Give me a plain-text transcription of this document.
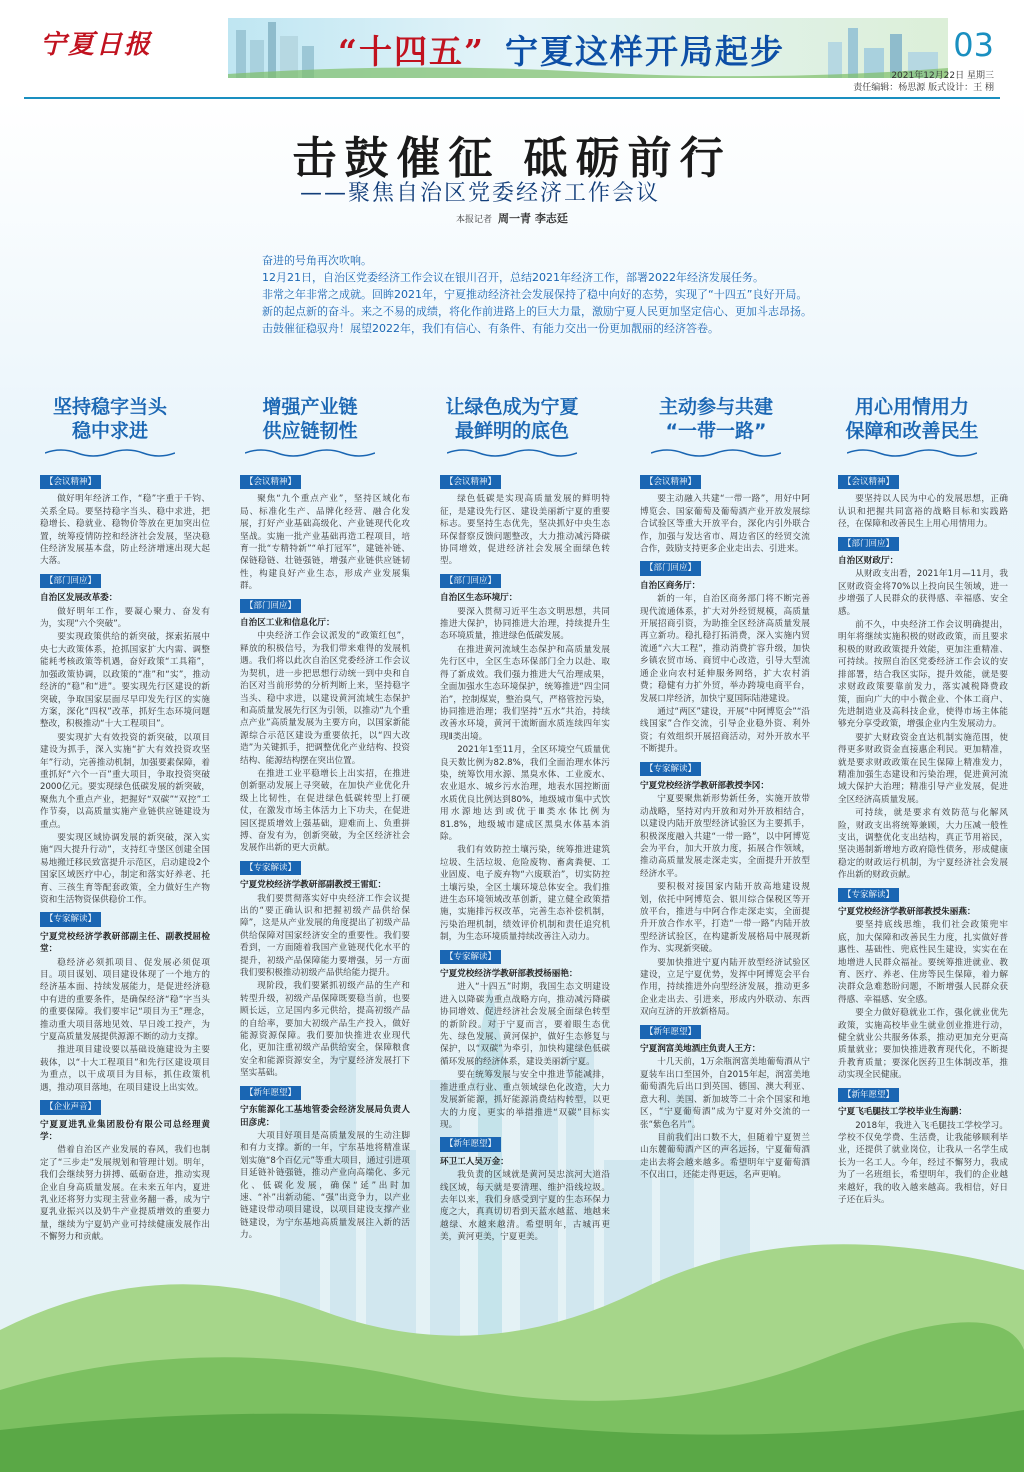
宁夏日报	“十四五” 宁夏这样开局起步	03
2021年12月22日 星期三
责任编辑：杨思源 版式设计：王 栩
击鼓催征 砥砺前行
——聚焦自治区党委经济工作会议
本报记者 周一青 李志廷

奋进的号角再次吹响。

12月21日，自治区党委经济工作会议在银川召开，总结2021年经济工作，部署2022年经济发展任务。

非常之年非常之成就。回眸2021年，宁夏推动经济社会发展保持了稳中向好的态势，实现了“十四五”良好开局。

新的起点新的奋斗。来之不易的成绩，将化作前进路上的巨大力量，激励宁夏人民更加坚定信心、更加斗志昂扬。

击鼓催征稳驭舟！展望2022年，我们有信心、有条件、有能力交出一份更加靓丽的经济答卷。

坚持稳字当头
稳中求进
增强产业链
供应链韧性
让绿色成为宁夏
最鲜明的底色
主动参与共建
“一带一路”
用心用情用力
保障和改善民生
【会议精神】

做好明年经济工作，“稳”字重于千钧、关系全局。要坚持稳字当头、稳中求进，把稳增长、稳就业、稳物价等放在更加突出位置，统筹疫情防控和经济社会发展，坚决稳住经济发展基本盘，防止经济增速出现大起大落。

【部门回应】

自治区发展改革委：

做好明年工作，要凝心聚力、奋发有为，实现“六个突破”。

要实现政策供给的新突破，探索拓展中央七大政策体系，抢抓国家扩大内需、调整能耗考核政策等机遇，奋好政策“工具箱”，加强政策协调，以政策的“准”和“实”，推动经济的“稳”和“进”。要实现先行区建设的新突破，争取国家层面尽早印发先行区的实施方案，深化“四权”改革，抓好生态环境问题整改，积极推动“十大工程项目”。

要实现扩大有效投资的新突破，以项目建设为抓手，深入实施“扩大有效投资攻坚年”行动，完善推动机制，加强要素保障，着重抓好“六个一百”重大项目，争取投资突破2000亿元。要实现绿色低碳发展的新突破，聚焦九个重点产业，把握好“双碳”“双控”工作节奏，以高质量实施产业链供应链建设为重点。

要实现区域协调发展的新突破，深入实施“四大提升行动”，支持红寺堡区创建全国易地搬迁移民致富提升示范区，启动建设2个国家区域医疗中心，制定和落实好养老、托育、三孩生育等配套政策，全力做好生产物资和生活物资保供稳价工作。

【专家解读】

宁夏党校经济学教研部副主任、副教授屈检堂：

稳经济必须抓项目、促发展必须促项目。项目谋划、项目建设体现了一个地方的经济基本面、持续发展能力，是促进经济稳中有进的重要条件，是确保经济“稳”字当头的重要保障。我们要牢记“项目为王”理念，推动重大项目落地见效、早日竣工投产，为宁夏高质量发展提供源源不断的动力支撑。

推进项目建设要以基础设施建设为主要载体，以“十大工程项目”和先行区建设项目为重点，以干成项目为目标，抓住政策机遇，推动项目落地，在项目建设上出实效。

【企业声音】

宁夏夏进乳业集团股份有限公司总经理黄学：

借着自治区产业发展的春风，我们也制定了“三步走”发展规划和管理计划。明年，我们会继续努力拼搏、砥砺奋进，推动实现企业自身高质量发展。在未来五年内，夏进乳业还将努力实现主营业务翻一番，成为宁夏乳业振兴以及奶牛产业提质增效的重要力量，继续为宁夏奶产业可持续健康发展作出不懈努力和贡献。

【会议精神】

聚焦“九个重点产业”，坚持区域化布局、标准化生产、品牌化经营、融合化发展，打好产业基础高级化、产业链现代化攻坚战。实施一批产业基础再造工程项目，培育一批“专精特新”“单打冠军”，建链补链、保链稳链、壮链强链，增强产业链供应链韧性，构建良好产业生态，形成产业发展集群。

【部门回应】

自治区工业和信息化厅：

中央经济工作会议派发的“政策红包”，释放的积极信号，为我们带来难得的发展机遇。我们将以此次自治区党委经济工作会议为契机，进一步把思想行动统一到中央和自治区对当前形势的分析判断上来，坚持稳字当头、稳中求进，以建设黄河流域生态保护和高质量发展先行区为引领，以推动“九个重点产业”高质量发展为主要方向，以国家新能源综合示范区建设为重要依托，以“四大改造”为关键抓手，把调整优化产业结构、投资结构、能源结构摆在突出位置。

在推进工业平稳增长上出实招，在推进创新驱动发展上寻突破，在加快产业优化升级上比韧性，在促进绿色低碳转型上打硬仗，在激发市场主体活力上下功夫，在促进园区提质增效上强基础，迎难而上、负重拼搏、奋发有为，创新突破，为全区经济社会发展作出新的更大贡献。

【专家解读】

宁夏党校经济学教研部副教授王雷虹：

我们要贯彻落实好中央经济工作会议提出的“要正确认识和把握初级产品供给保障”，这是从产业发展的角度提出了初级产品供给保障对国家经济安全的重要性。我们要看到，一方面随着我国产业链现代化水平的提升，初级产品保障能力要增强，另一方面我们要积极推动初级产品供给能力提升。

现阶段，我们要紧抓初级产品的生产和转型升级，初级产品保障既要稳当前，也要顾长远，立足国内多元供给，提高初级产品的自给率，要加大初级产品生产投入，做好能源资源保障。我们要加快推进农业现代化，更加注重初级产品供给安全，保障粮食安全和能源资源安全，为宁夏经济发展打下坚实基础。

【新年愿望】

宁东能源化工基地管委会经济发展局负责人田彦虎：

大项目好项目是高质量发展的生动注脚和有力支撑。新的一年，宁东基地将精准谋划实施“8个百亿元”等重大项目，通过引进项目延链补链强链，推动产业向高端化、多元化、低碳化发展，确保“延”出时加速、“补”出新动能、“强”出竞争力，以产业链建设带动项目建设，以项目建设支撑产业链建设，为宁东基地高质量发展注入新的活力。

【会议精神】

绿色低碳是实现高质量发展的鲜明特征，是建设先行区、建设美丽新宁夏的重要标志。要坚持生态优先，坚决抓好中央生态环保督察反馈问题整改，大力推动减污降碳协同增效，促进经济社会发展全面绿色转型。

【部门回应】

自治区生态环境厅：

要深入贯彻习近平生态文明思想，共同推进大保护，协同推进大治理，持续提升生态环境质量，推进绿色低碳发展。

在推进黄河流域生态保护和高质量发展先行区中，全区生态环保部门全力以赴、取得了新成效。我们强力推进大气治理成果，全面加强水生态环境保护，统筹推进“四尘同治”，控制煤炭，整治臭气，严格管控污染，协同推进治理；我们坚持“五水”共治，持续改善水环境，黄河干流断面水质连续四年实现Ⅱ类出境。

2021年1至11月，全区环境空气质量优良天数比例为82.8%，我们全面治理水体污染，统筹饮用水源、黑臭水体、工业废水、农业退水、城乡污水治理，地表水国控断面水质优良比例达到80%，地级城市集中式饮用水源地达到或优于Ⅲ类水体比例为81.8%，地级城市建成区黑臭水体基本消除。

我们有效防控土壤污染，统筹推进建筑垃圾、生活垃圾、危险废物、畜禽粪便、工业固废、电子废弃物“六废联治”，切实防控土壤污染，全区土壤环境总体安全。我们推进生态环境领域改革创新，建立健全政策措施，实施排污权改革，完善生态补偿机制，污染治理机制，绩效评价机制和责任追究机制，为生态环境质量持续改善注入动力。

【专家解读】

宁夏党校经济学教研部教授杨丽艳：

进入“十四五”时期，我国生态文明建设进入以降碳为重点战略方向，推动减污降碳协同增效、促进经济社会发展全面绿色转型的新阶段。对于宁夏而言，要着眼生态优先、绿色发展、黄河保护，做好生态修复与保护，以“双碳”为牵引，加快构建绿色低碳循环发展的经济体系，建设美丽新宁夏。

要在统筹发展与安全中推进节能减排，推进重点行业、重点领域绿色化改造，大力发展新能源，抓好能源消费结构转型，以更大的力度、更实的举措推进“双碳”目标实现。

【新年愿望】

环卫工人吴万金：

我负责的区域就是黄河吴忠滨河大道沿线区域，每天就是要清理、维护沿线垃圾。去年以来，我们身感受到宁夏的生态环保力度之大，真真切切看到天蓝水越蓝、地越来越绿、水越来越清。希望明年，古城再更美，黄河更美，宁夏更美。

【会议精神】

要主动融入共建“一带一路”，用好中阿博览会、国家葡萄及葡萄酒产业开放发展综合试验区等重大开放平台，深化内引外联合作，加强与发达省市、周边省区的经贸交流合作，鼓励支持更多企业走出去、引进来。

【部门回应】

自治区商务厅：

新的一年，自治区商务部门将不断完善现代流通体系，扩大对外经贸规模，高质量开展招商引资，为助推全区经济高质量发展再立新功。稳扎稳打拓消费，深入实施内贸流通“六大工程”，推动消费扩容升级，加快乡镇农贸市场、商贸中心改造，引导大型流通企业向农村延伸服务网络，扩大农村消费；稳健有力扩外贸，举办跨境电商平台，发展口岸经济，加快宁夏国际陆港建设。

通过“两区”建设，开展“中阿博览会”“沿线国家”合作交流，引导企业稳外资、利外资；有效组织开展招商活动，对外开放水平不断提升。

【专家解读】

宁夏党校经济学教研部教授李冈：

宁夏要聚焦新形势新任务，实施开放带动战略，坚持对内开放和对外开放相结合，以建设内陆开放型经济试验区为主要抓手，积极深度融入共建“一带一路”，以中阿博览会为平台，加大开放力度，拓展合作领域，推动高质量发展走深走实，全面提升开放型经济水平。

要积极对接国家内陆开放高地建设规划，依托中阿博览会、银川综合保税区等开放平台，推进与中阿合作走深走实，全面提升开放合作水平，打造“一带一路”内陆开放型经济试验区，在构建新发展格局中展现新作为、实现新突破。

要加快推进宁夏内陆开放型经济试验区建设，立足宁夏优势，发挥中阿博览会平台作用，持续推进外向型经济发展，推动更多企业走出去、引进来，形成内外联动、东西双向互济的开放新格局。

【新年愿望】

宁夏润富美地酒庄负责人王方：

十几天前，1万余瓶润富美地葡萄酒从宁夏装车出口至国外，自2015年起，润富美地葡萄酒先后出口到英国、德国、澳大利亚、意大利、美国、新加坡等二十余个国家和地区，“宁夏葡萄酒”成为宁夏对外交流的一张“紫色名片”。

目前我们出口数不大，但随着宁夏贺兰山东麓葡萄酒产区的声名远扬，宁夏葡萄酒走出去将会越来越多。希望明年宁夏葡萄酒不仅出口，还能走得更远，名声更响。

【会议精神】

要坚持以人民为中心的发展思想，正确认识和把握共同富裕的战略目标和实践路径，在保障和改善民生上用心用情用力。

【部门回应】

自治区财政厅：

从财政支出看，2021年1月—11月，我区财政资金将70%以上投向民生领域，进一步增强了人民群众的获得感、幸福感、安全感。

前不久，中央经济工作会议明确提出，明年将继续实施积极的财政政策，而且要求积极的财政政策提升效能，更加注重精准、可持续。按照自治区党委经济工作会议的安排部署，结合我区实际，提升效能，就是要求财政政策要靠前发力，落实减税降费政策，面向广大的中小微企业、个体工商户、先进制造业及高科技企业，使得市场主体能够充分享受政策，增强企业内生发展动力。

要扩大财政资金直达机制实施范围，使得更多财政资金直接惠企利民。更加精准，就是要求财政政策在民生保障上精准发力，精准加强生态建设和污染治理，促进黄河流域大保护大治理；精准引导产业发展，促进全区经济高质量发展。

可持续，就是要求有效防范与化解风险，财政支出将统筹兼顾，大力压减一般性支出，调整优化支出结构，真正节用裕民，坚决遏制新增地方政府隐性债务，形成健康稳定的财政运行机制，为宁夏经济社会发展作出新的财政贡献。

【专家解读】

宁夏党校经济学教研部教授朱丽燕：

要坚持底线思维，我们社会政策兜牢底，加大保障和改善民生力度，扎实做好普惠性、基础性、兜底性民生建设，实实在在地增进人民群众福祉。要统筹推进就业、教育、医疗、养老、住房等民生保障，着力解决群众急难愁盼问题，不断增强人民群众获得感、幸福感、安全感。

要全力做好稳就业工作，强化就业优先政策，实施高校毕业生就业创业推进行动，健全就业公共服务体系，推动更加充分更高质量就业；要加快推进教育现代化，不断提升教育质量；要深化医药卫生体制改革，推动实现全民健康。

【新年愿望】

宁夏飞毛腿技工学校毕业生海鹏：

2018年，我进入飞毛腿技工学校学习。学校不仅免学费、生活费，让我能够顺利毕业，还提供了就业岗位，让我从一名学生成长为一名工人。今年，经过不懈努力，我成为了一名班组长，希望明年，我们的企业越来越好，我的收入越来越高。我相信，好日子还在后头。
